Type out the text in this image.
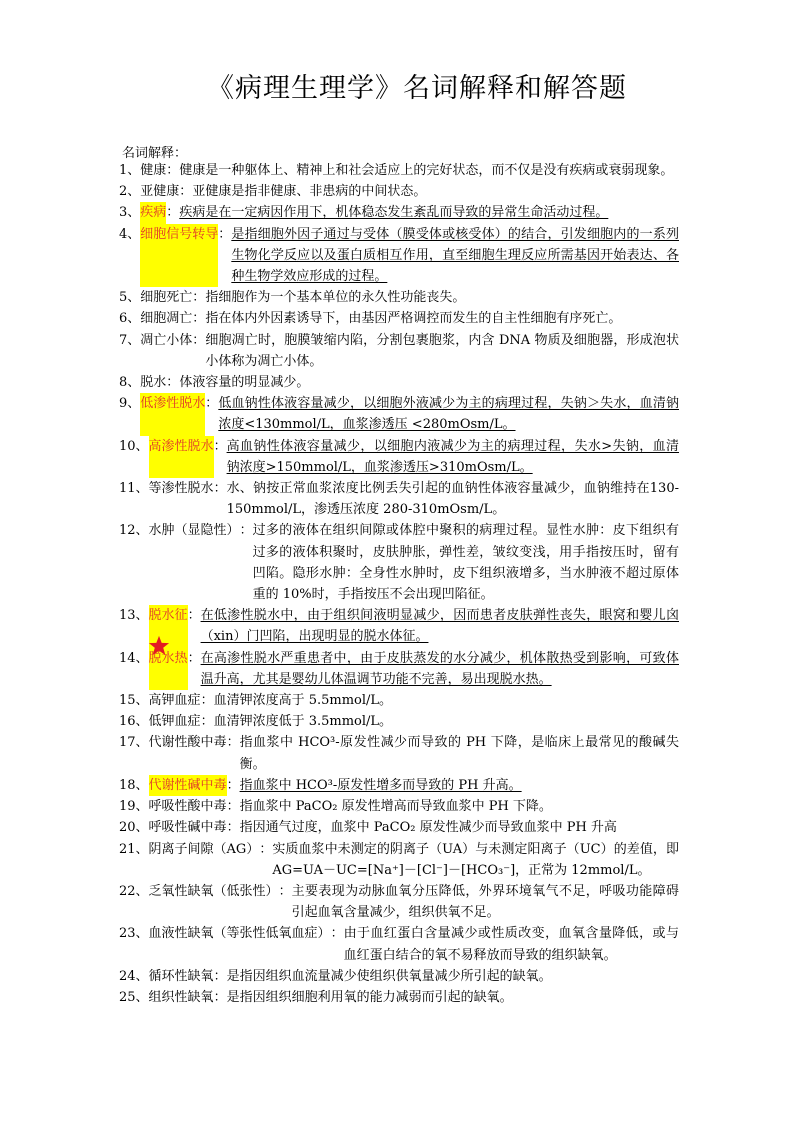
《病理生理学》名词解释和解答题
名词解释：
1、 健康 ： 健康是一种躯体上、精神上和社会适应上的完好状态，而不仅是没有疾病或衰弱现象。
2、 亚健康 ： 亚健康是指非健康、非患病的中间状态。
3、 疾病 ： 疾病是在一定病因作用下，机体稳态发生紊乱而导致的异常生命活动过程。
4、 细胞信号转导 ： 是指细胞外因子通过与受体（膜受体或核受体）的结合，引发细胞内的一系列生物化学反应以及蛋白质相互作用，直至细胞生理反应所需基因开始表达、各种生物学效应形成的过程。
5、 细胞死亡 ： 指细胞作为一个基本单位的永久性功能丧失。
6、 细胞凋亡 ： 指在体内外因素诱导下，由基因严格调控而发生的自主性细胞有序死亡。
7、 凋亡小体 ： 细胞凋亡时，胞膜皱缩内陷，分割包裹胞浆，内含 DNA 物质及细胞器，形成泡状小体称为凋亡小体。
8、 脱水 ： 体液容量的明显减少。
9、 低渗性脱水 ： 低血钠性体液容量减少，以细胞外液减少为主的病理过程，失钠＞失水，血清钠浓度<130mmol/L，血浆渗透压 <280mOsm/L。
10、 高渗性脱水 ： 高血钠性体液容量减少，以细胞内液减少为主的病理过程，失水>失钠，血清钠浓度>150mmol/L，血浆渗透压>310mOsm/L。
11、 等渗性脱水 ： 水、钠按正常血浆浓度比例丢失引起的血钠性体液容量减少，血钠维持在130-150mmol/L，渗透压浓度 280-310mOsm/L。
12、 水肿（显隐性） ： 过多的液体在组织间隙或体腔中聚积的病理过程。显性水肿：皮下组织有过多的液体积聚时，皮肤肿胀，弹性差，皱纹变浅，用手指按压时，留有凹陷。隐形水肿：全身性水肿时，皮下组织液增多，当水肿液不超过原体重的 10%时，手指按压不会出现凹陷征。
13、 脱水征 ： 在低渗性脱水中，由于组织间液明显减少，因而患者皮肤弹性丧失，眼窝和婴儿囟（xin）门凹陷，出现明显的脱水体征。
14、 脱水热 ： 在高渗性脱水严重患者中，由于皮肤蒸发的水分减少，机体散热受到影响，可致体温升高，尤其是婴幼儿体温调节功能不完善，易出现脱水热。
15、 高钾血症 ： 血清钾浓度高于 5.5mmol/L。
16、 低钾血症 ： 血清钾浓度低于 3.5mmol/L。
17、 代谢性酸中毒 ： 指血浆中 HCO³-原发性减少而导致的 PH 下降，是临床上最常见的酸碱失衡。
18、 代谢性碱中毒 ： 指血浆中 HCO³-原发性增多而导致的 PH 升高。
19、 呼吸性酸中毒 ： 指血浆中 PaCO₂ 原发性增高而导致血浆中 PH 下降。
20、 呼吸性碱中毒 ： 指因通气过度，血浆中 PaCO₂ 原发性减少而导致血浆中 PH 升高
21、 阴离子间隙（AG） ： 实质血浆中未测定的阴离子（UA）与未测定阳离子（UC）的差值，即 AG=UA－UC=[Na⁺]－[Cl⁻]－[HCO₃⁻]，正常为 12mmol/L。
22、 乏氧性缺氧（低张性） ： 主要表现为动脉血氧分压降低，外界环境氧气不足，呼吸功能障碍引起血氧含量减少，组织供氧不足。
23、 血液性缺氧（等张性低氧血症） ： 由于血红蛋白含量减少或性质改变，血氧含量降低，或与血红蛋白结合的氧不易释放而导致的组织缺氧。
24、 循环性缺氧 ： 是指因组织血流量减少使组织供氧量减少所引起的缺氧。
25、 组织性缺氧 ： 是指因组织细胞利用氧的能力减弱而引起的缺氧。
